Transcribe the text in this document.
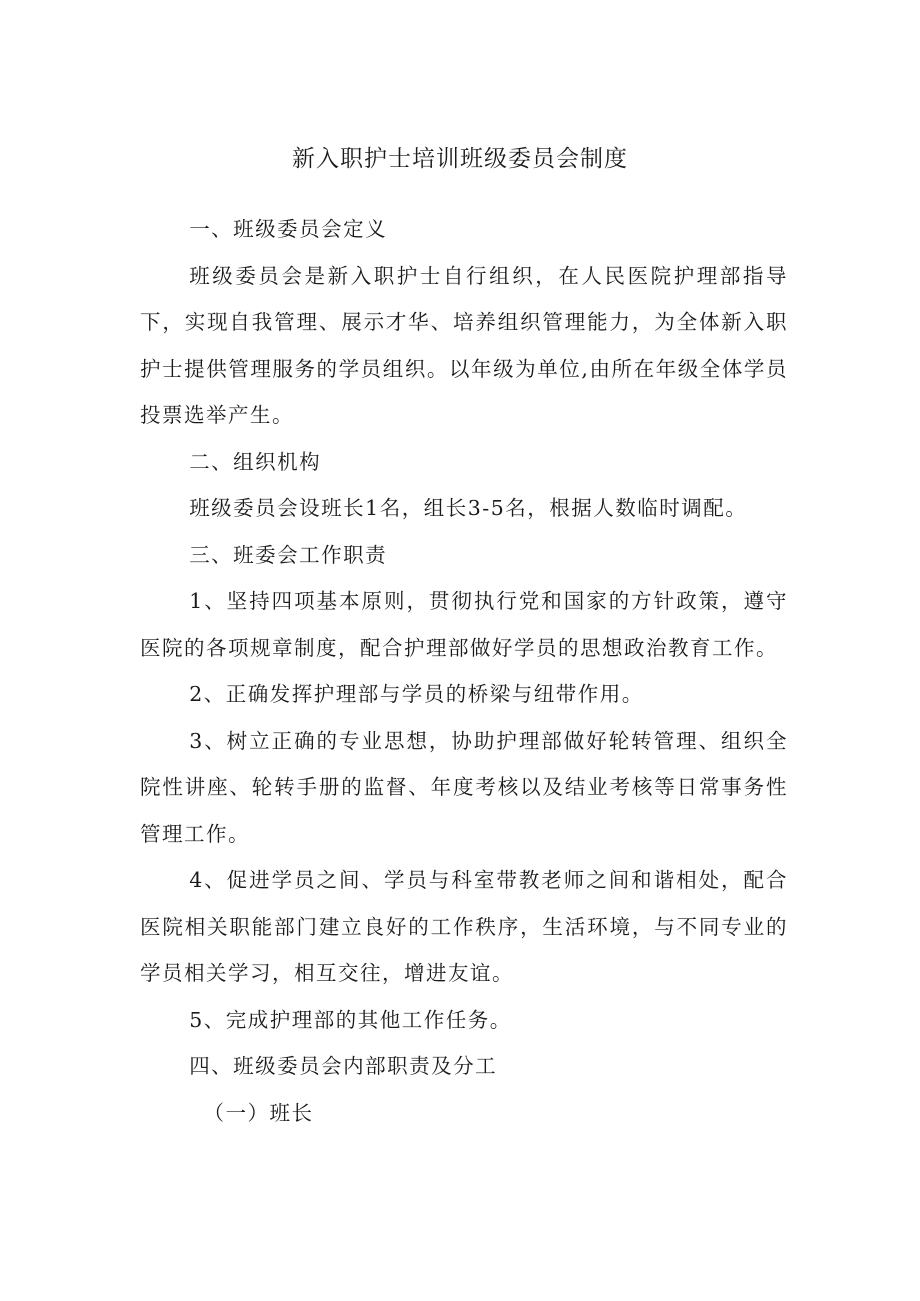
新入职护士培训班级委员会制度

一、班级委员会定义

班级委员会是新入职护士自行组织，在人民医院护理部指导下，实现自我管理、展示才华、培养组织管理能力，为全体新入职护士提供管理服务的学员组织。以年级为单位,由所在年级全体学员投票选举产生。

二、组织机构

班级委员会设班长1名，组长3-5名，根据人数临时调配。

三、班委会工作职责

1、坚持四项基本原则，贯彻执行党和国家的方针政策，遵守医院的各项规章制度，配合护理部做好学员的思想政治教育工作。

2、正确发挥护理部与学员的桥梁与纽带作用。

3、树立正确的专业思想，协助护理部做好轮转管理、组织全院性讲座、轮转手册的监督、年度考核以及结业考核等日常事务性管理工作。

4、促进学员之间、学员与科室带教老师之间和谐相处，配合医院相关职能部门建立良好的工作秩序，生活环境，与不同专业的学员相关学习，相互交往，增进友谊。

5、完成护理部的其他工作任务。

四、班级委员会内部职责及分工

（一）班长
